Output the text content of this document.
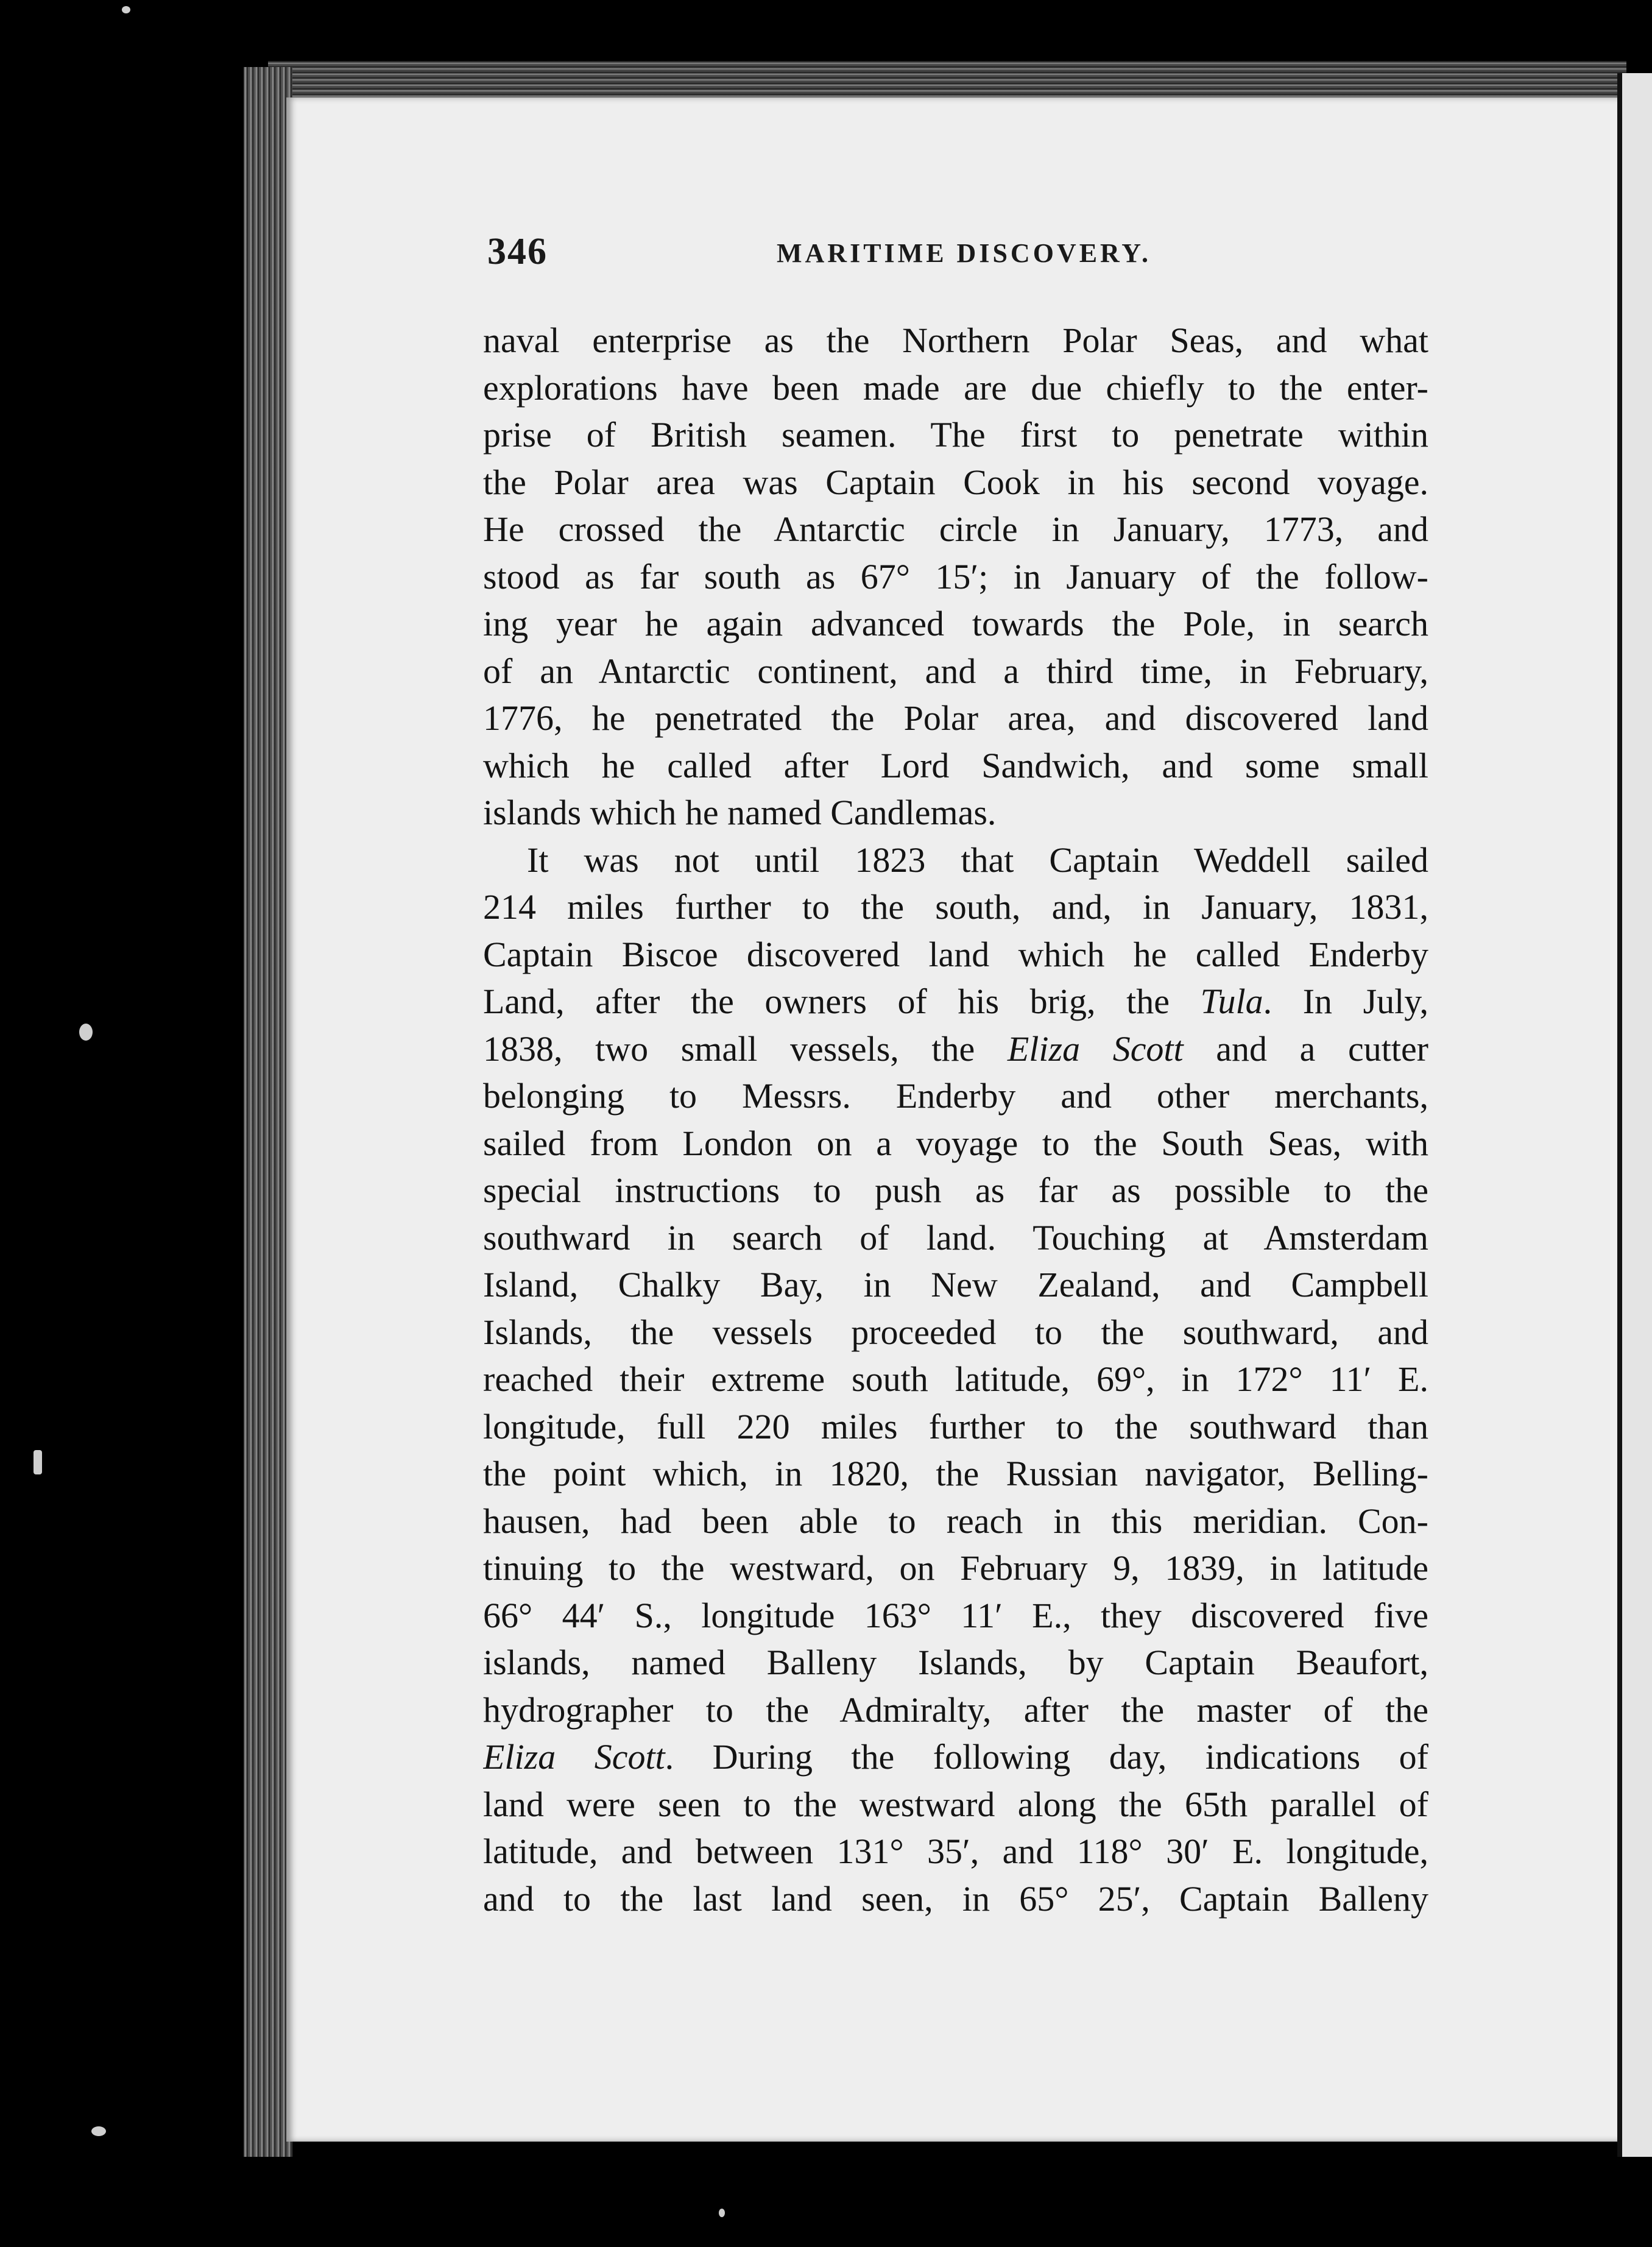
346	MARITIME DISCOVERY.
naval enterprise as the Northern Polar Seas, and what
explorations have been made are due chiefly to the enter-
prise of British seamen. The first to penetrate within
the Polar area was Captain Cook in his second voyage.
He crossed the Antarctic circle in January, 1773, and
stood as far south as 67° 15′; in January of the follow-
ing year he again advanced towards the Pole, in search
of an Antarctic continent, and a third time, in February,
1776, he penetrated the Polar area, and discovered land
which he called after Lord Sandwich, and some small
islands which he named Candlemas.
It was not until 1823 that Captain Weddell sailed
214 miles further to the south, and, in January, 1831,
Captain Biscoe discovered land which he called Enderby
Land, after the owners of his brig, the Tula. In July,
1838, two small vessels, the Eliza Scott and a cutter
belonging to Messrs. Enderby and other merchants,
sailed from London on a voyage to the South Seas, with
special instructions to push as far as possible to the
southward in search of land. Touching at Amsterdam
Island, Chalky Bay, in New Zealand, and Campbell
Islands, the vessels proceeded to the southward, and
reached their extreme south latitude, 69°, in 172° 11′ E.
longitude, full 220 miles further to the southward than
the point which, in 1820, the Russian navigator, Belling-
hausen, had been able to reach in this meridian. Con-
tinuing to the westward, on February 9, 1839, in latitude
66° 44′ S., longitude 163° 11′ E., they discovered five
islands, named Balleny Islands, by Captain Beaufort,
hydrographer to the Admiralty, after the master of the
Eliza Scott. During the following day, indications of
land were seen to the westward along the 65th parallel of
latitude, and between 131° 35′, and 118° 30′ E. longitude,
and to the last land seen, in 65° 25′, Captain Balleny
